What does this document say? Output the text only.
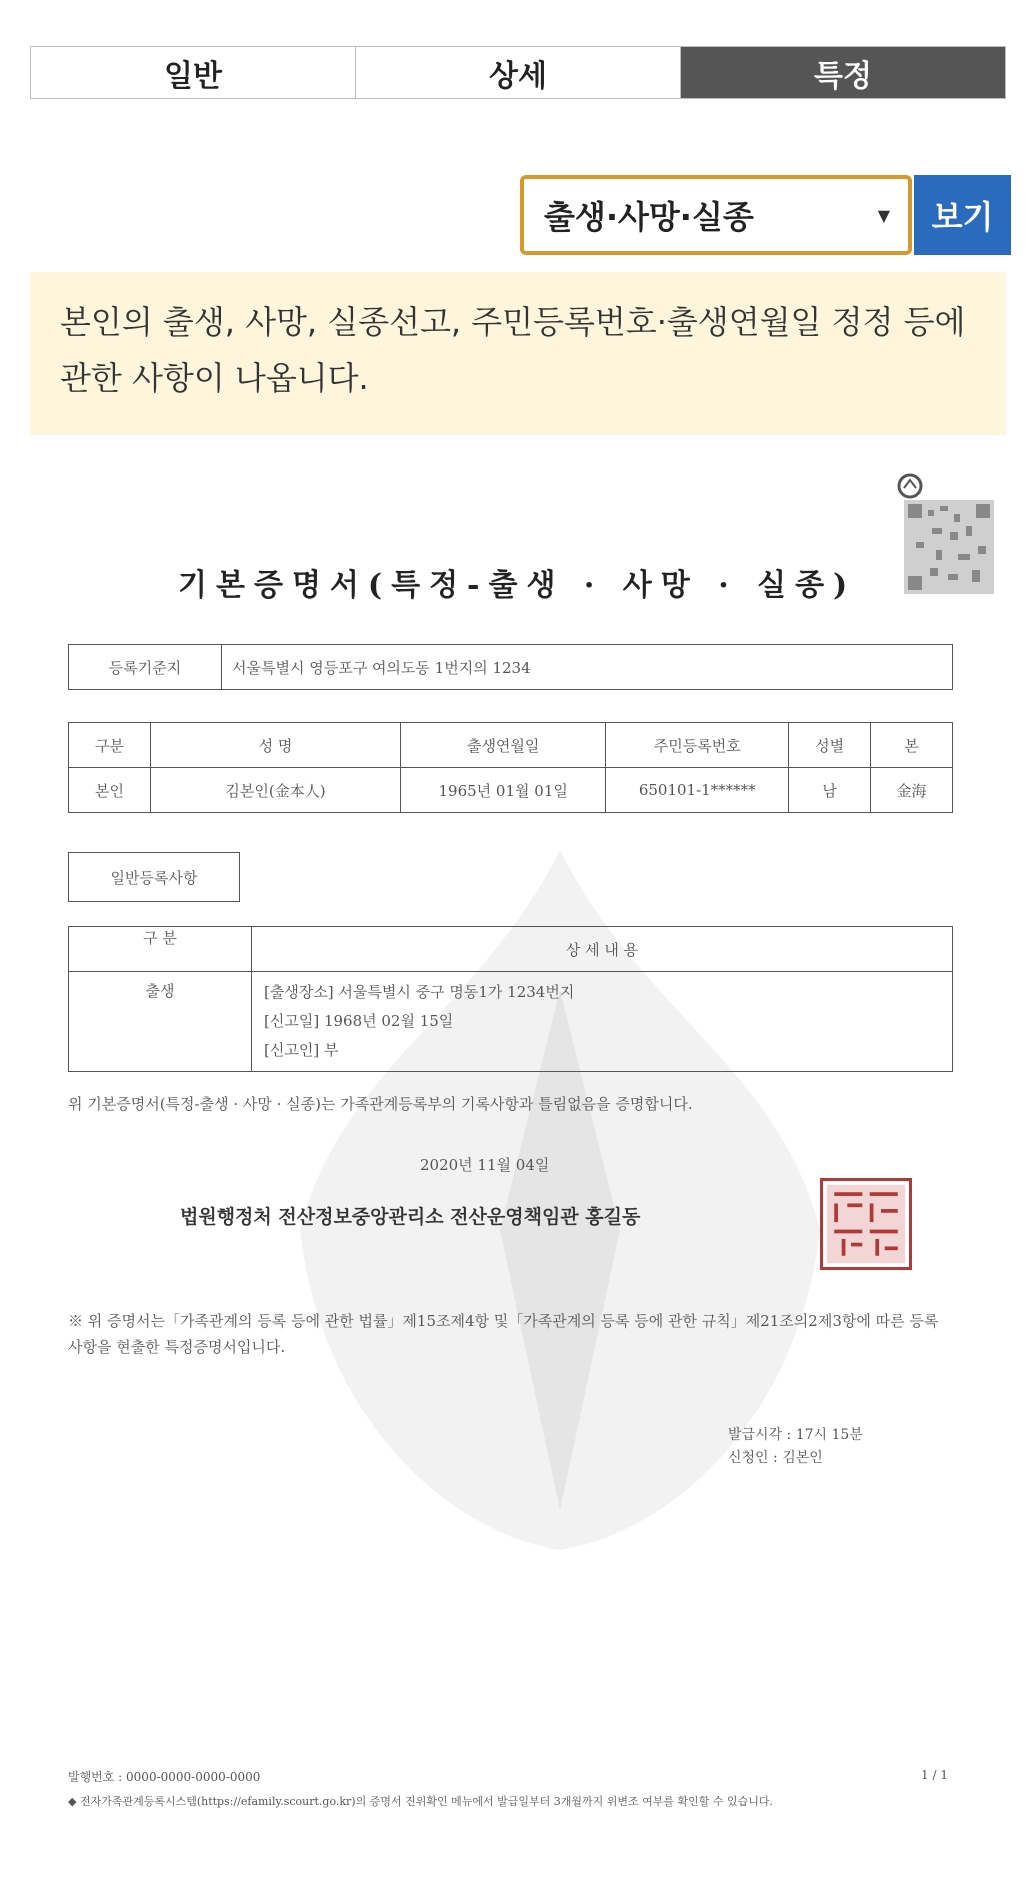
일반	상세	특정
출생·사망·실종	▼	보기
본인의 출생, 사망, 실종선고, 주민등록번호·출생연월일 정정 등에 관한 사항이 나옵니다.
기본증명서(특정-출생 · 사망 · 실종)
등록기준지	서울특별시 영등포구 여의도동 1번지의 1234
구분	성 명	출생연월일	주민등록번호	성별	본
본인	김본인(金本人)	1965년 01월 01일	650101-1******	남	金海
일반등록사항
구 분	상 세 내 용
출생	[출생장소] 서울특별시 중구 명동1가 1234번지
[신고일] 1968년 02월 15일
[신고인] 부
위 기본증명서(특정-출생 · 사망 · 실종)는 가족관계등록부의 기록사항과 틀림없음을 증명합니다.
2020년 11월 04일
법원행정처 전산정보중앙관리소 전산운영책임관 홍길동
※ 위 증명서는「가족관계의 등록 등에 관한 법률」제15조제4항 및「가족관계의 등록 등에 관한 규칙」제21조의2제3항에 따른 등록사항을 현출한 특정증명서입니다.
발급시각 : 17시 15분
신청인 : 김본인
발행번호 : 0000-0000-0000-0000	1 / 1
◆ 전자가족관계등록시스템(https://efamily.scourt.go.kr)의 증명서 진위확인 메뉴에서 발급일부터 3개월까지 위변조 여부를 확인할 수 있습니다.
